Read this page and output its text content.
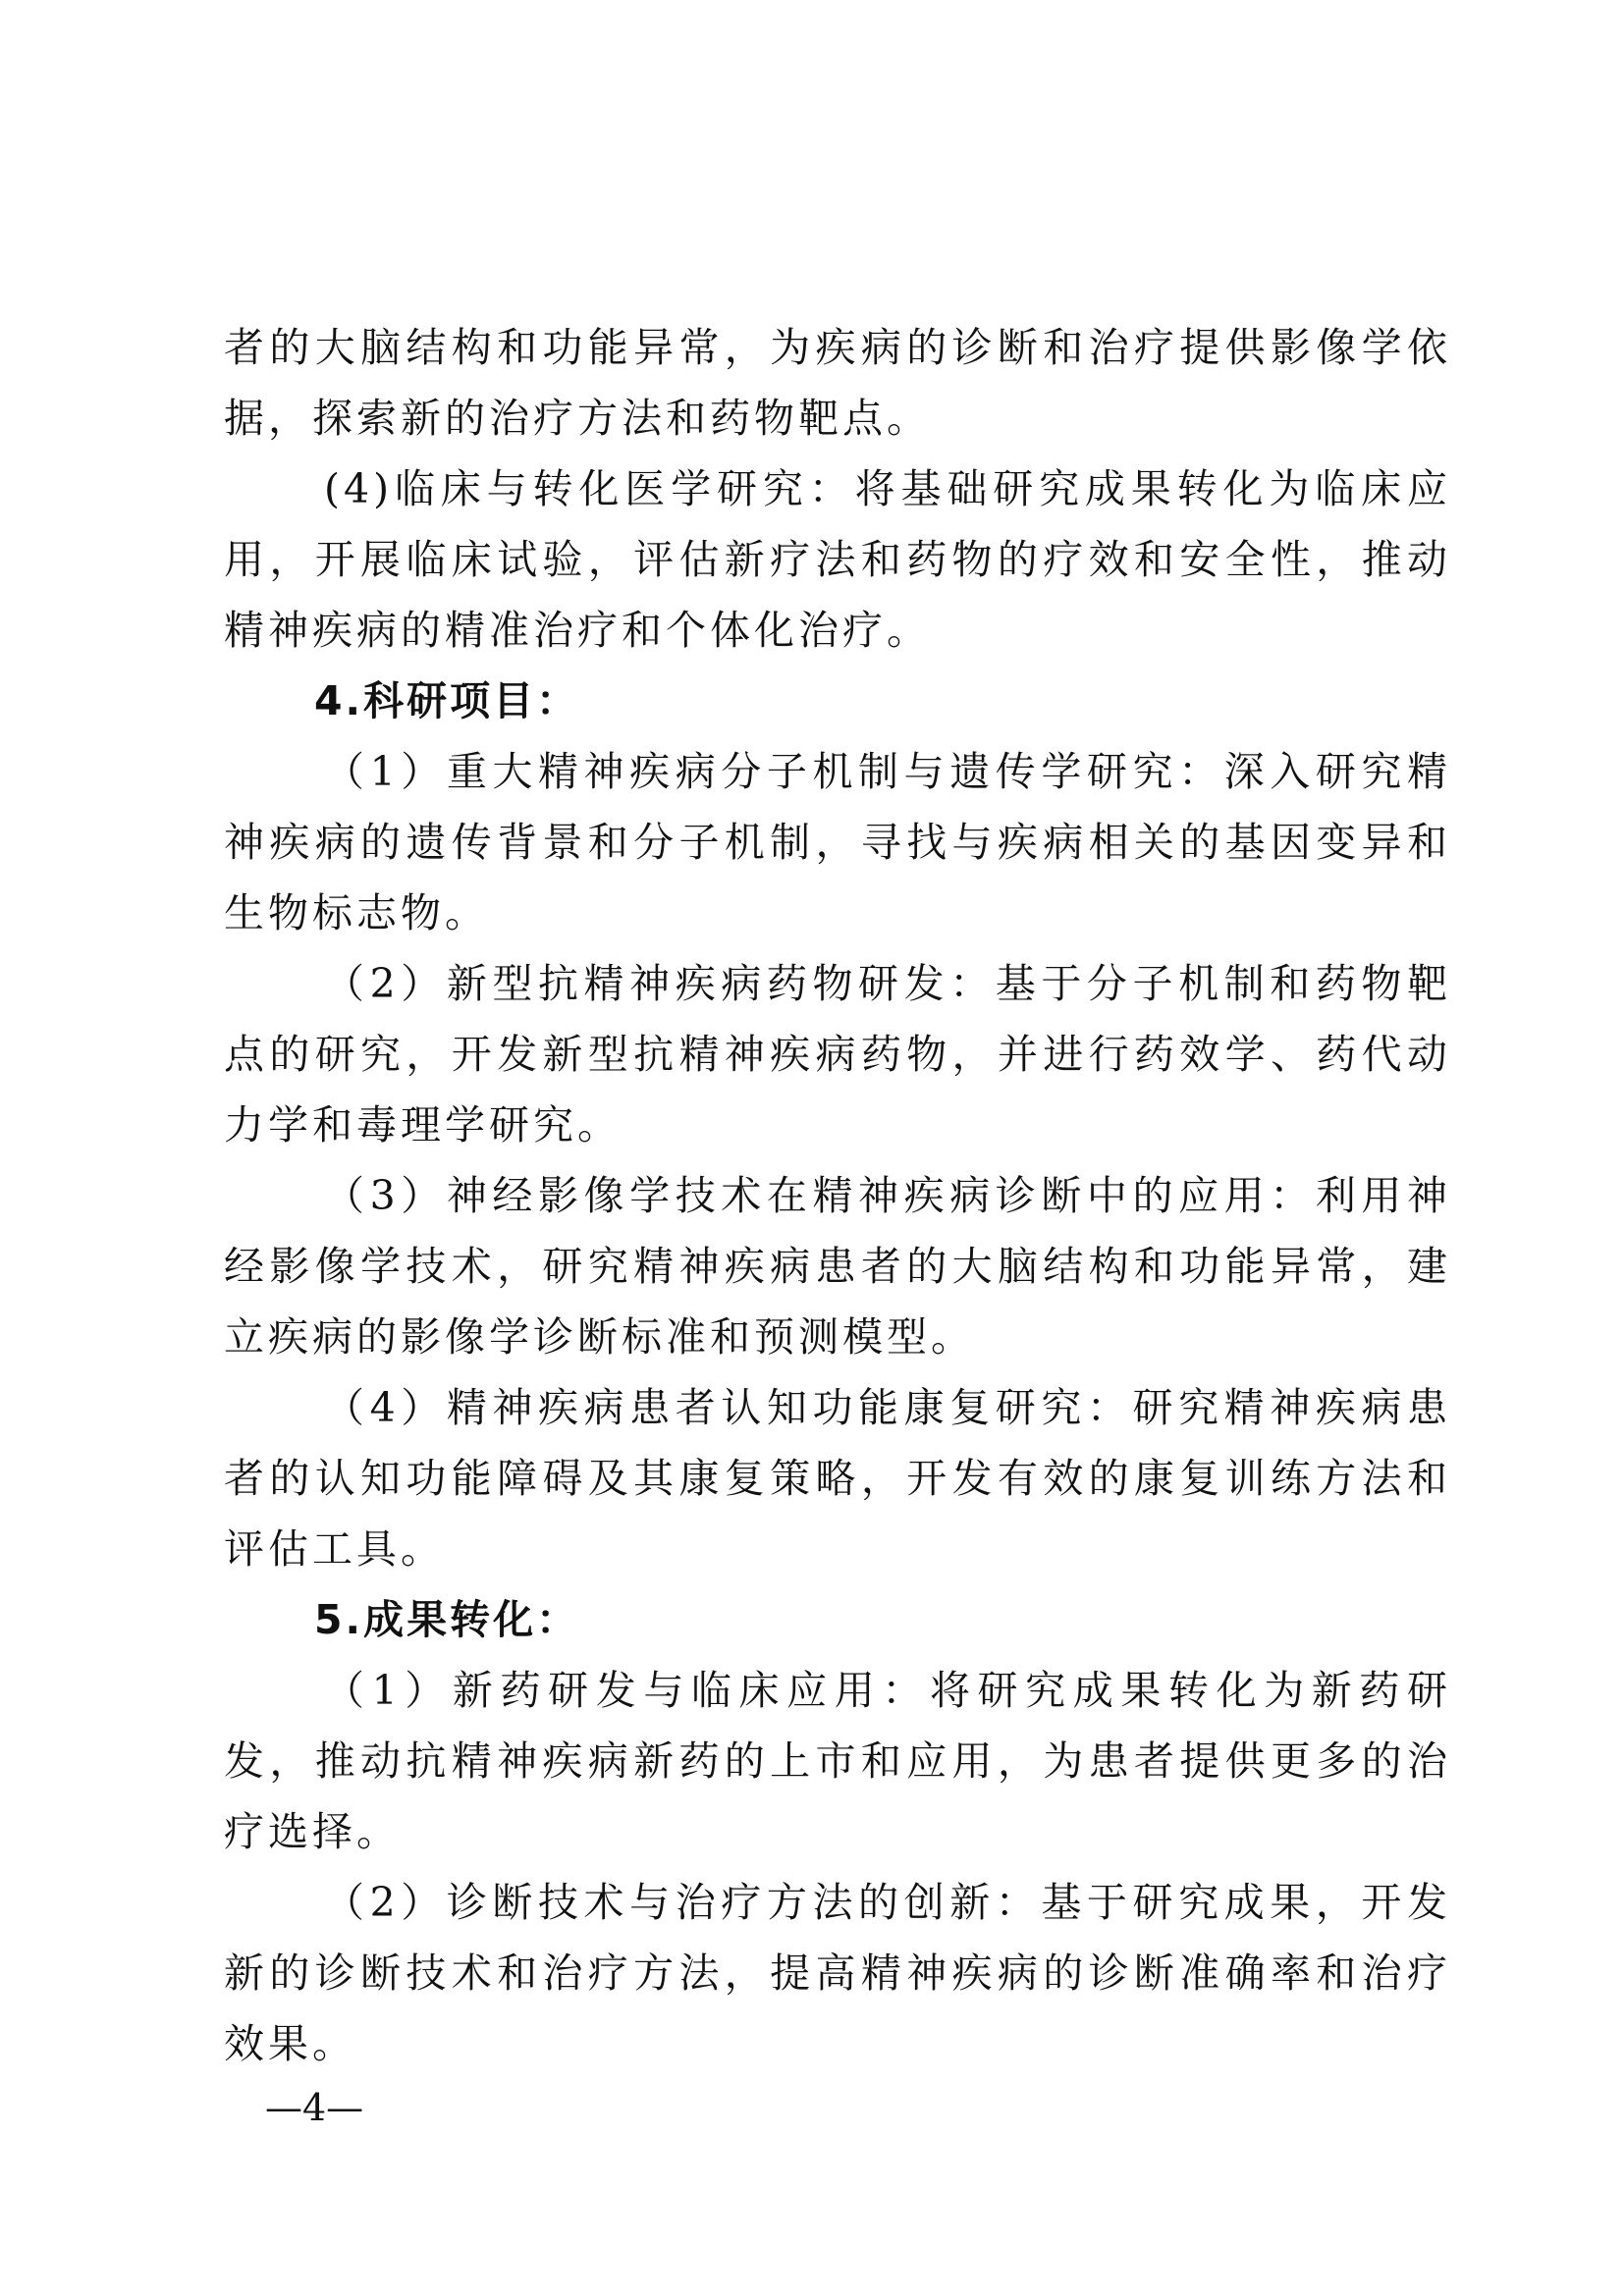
者的大脑结构和功能异常，为疾病的诊断和治疗提供影像学依据，探索新的治疗方法和药物靶点。

(4)临床与转化医学研究：将基础研究成果转化为临床应用，开展临床试验，评估新疗法和药物的疗效和安全性，推动精神疾病的精准治疗和个体化治疗。

4.科研项目：

（1）重大精神疾病分子机制与遗传学研究：深入研究精神疾病的遗传背景和分子机制，寻找与疾病相关的基因变异和生物标志物。

（2）新型抗精神疾病药物研发：基于分子机制和药物靶点的研究，开发新型抗精神疾病药物，并进行药效学、药代动力学和毒理学研究。

（3）神经影像学技术在精神疾病诊断中的应用：利用神经影像学技术，研究精神疾病患者的大脑结构和功能异常，建立疾病的影像学诊断标准和预测模型。

（4）精神疾病患者认知功能康复研究：研究精神疾病患者的认知功能障碍及其康复策略，开发有效的康复训练方法和评估工具。

5.成果转化：

（1）新药研发与临床应用：将研究成果转化为新药研发，推动抗精神疾病新药的上市和应用，为患者提供更多的治疗选择。

（2）诊断技术与治疗方法的创新：基于研究成果，开发新的诊断技术和治疗方法，提高精神疾病的诊断准确率和治疗效果。

—4—
